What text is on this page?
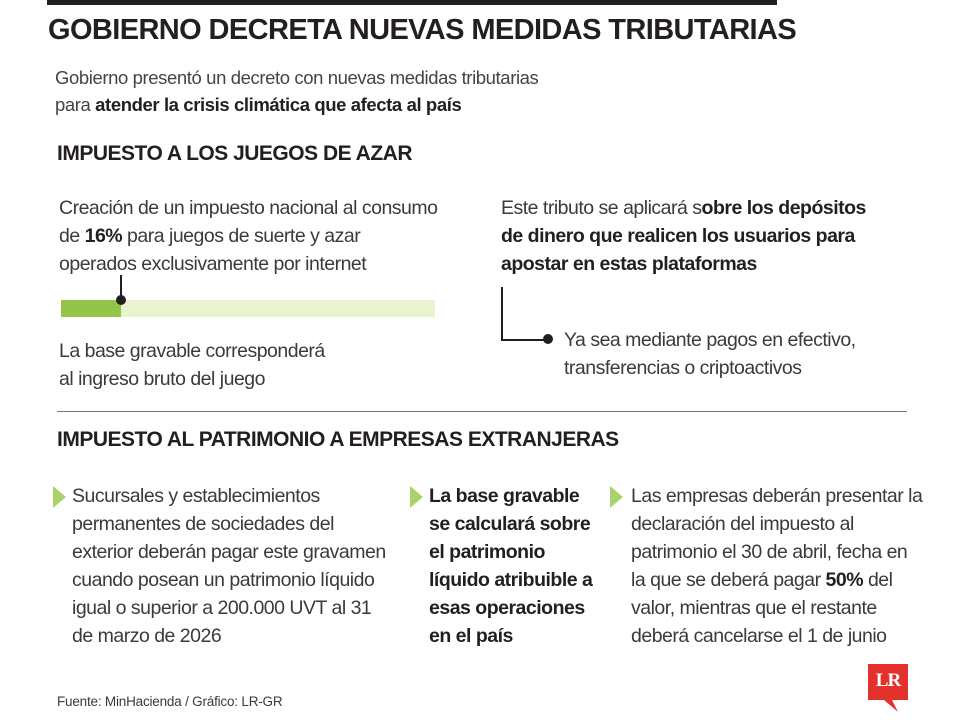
GOBIERNO DECRETA NUEVAS MEDIDAS TRIBUTARIAS
Gobierno presentó un decreto con nuevas medidas tributarias
para atender la crisis climática que afecta al país
IMPUESTO A LOS JUEGOS DE AZAR
Creación de un impuesto nacional al consumo
de 16% para juegos de suerte y azar
operados exclusivamente por internet
La base gravable corresponderá
al ingreso bruto del juego
Este tributo se aplicará sobre los depósitos
de dinero que realicen los usuarios para
apostar en estas plataformas
Ya sea mediante pagos en efectivo,
transferencias o criptoactivos
IMPUESTO AL PATRIMONIO A EMPRESAS EXTRANJERAS
Sucursales y establecimientos
permanentes de sociedades del
exterior deberán pagar este gravamen
cuando posean un patrimonio líquido
igual o superior a 200.000 UVT al 31
de marzo de 2026
La base gravable
se calculará sobre
el patrimonio
líquido atribuible a
esas operaciones
en el país
Las empresas deberán presentar la
declaración del impuesto al
patrimonio el 30 de abril, fecha en
la que se deberá pagar 50% del
valor, mientras que el restante
deberá cancelarse el 1 de junio
Fuente: MinHacienda / Gráfico: LR-GR
LR
